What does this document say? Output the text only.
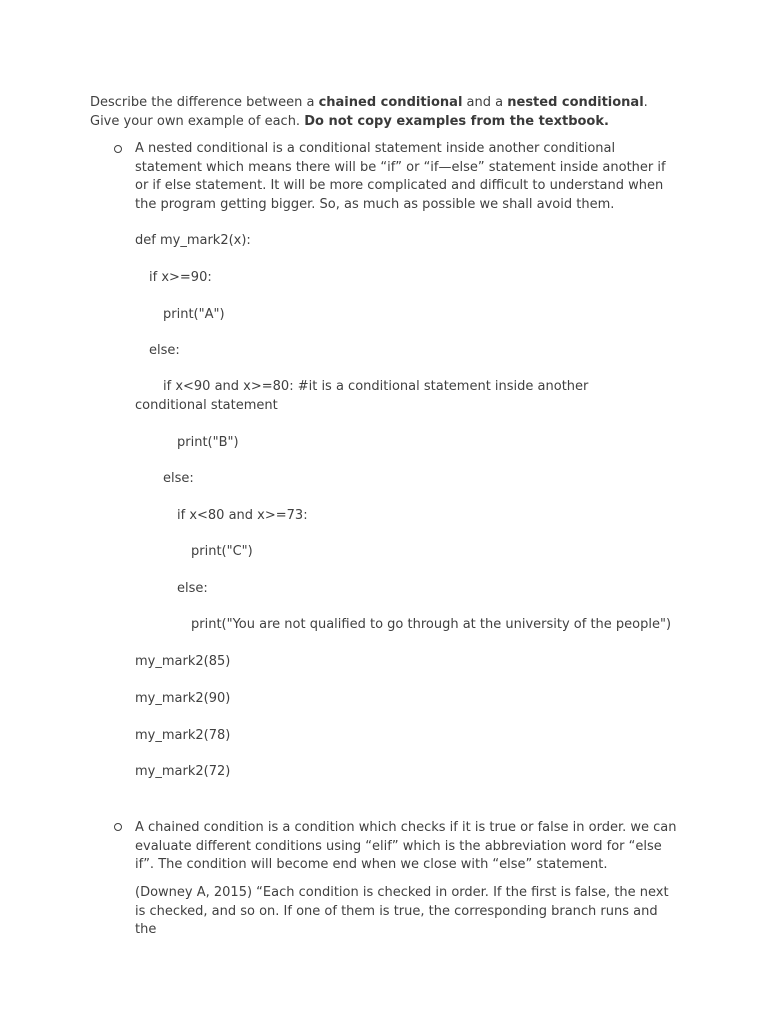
Describe the difference between a chained conditional and a nested conditional. Give your own example of each. Do not copy examples from the textbook.
A nested conditional is a conditional statement inside another conditional statement which means there will be “if” or “if—else” statement inside another if or if else statement. It will be more complicated and difficult to understand when the program getting bigger. So, as much as possible we shall avoid them.
def my_mark2(x):
if x>=90:
print("A")
else:
if x<90 and x>=80: #it is a conditional statement inside another conditional statement
print("B")
else:
if x<80 and x>=73:
print("C")
else:
print("You are not qualified to go through at the university of the people")
my_mark2(85)
my_mark2(90)
my_mark2(78)
my_mark2(72)
A chained condition is a condition which checks if it is true or false in order. we can evaluate different conditions using “elif” which is the abbreviation word for “else if”. The condition will become end when we close with “else” statement.
(Downey A, 2015) “Each condition is checked in order. If the first is false, the next is checked, and so on. If one of them is true, the corresponding branch runs and the
